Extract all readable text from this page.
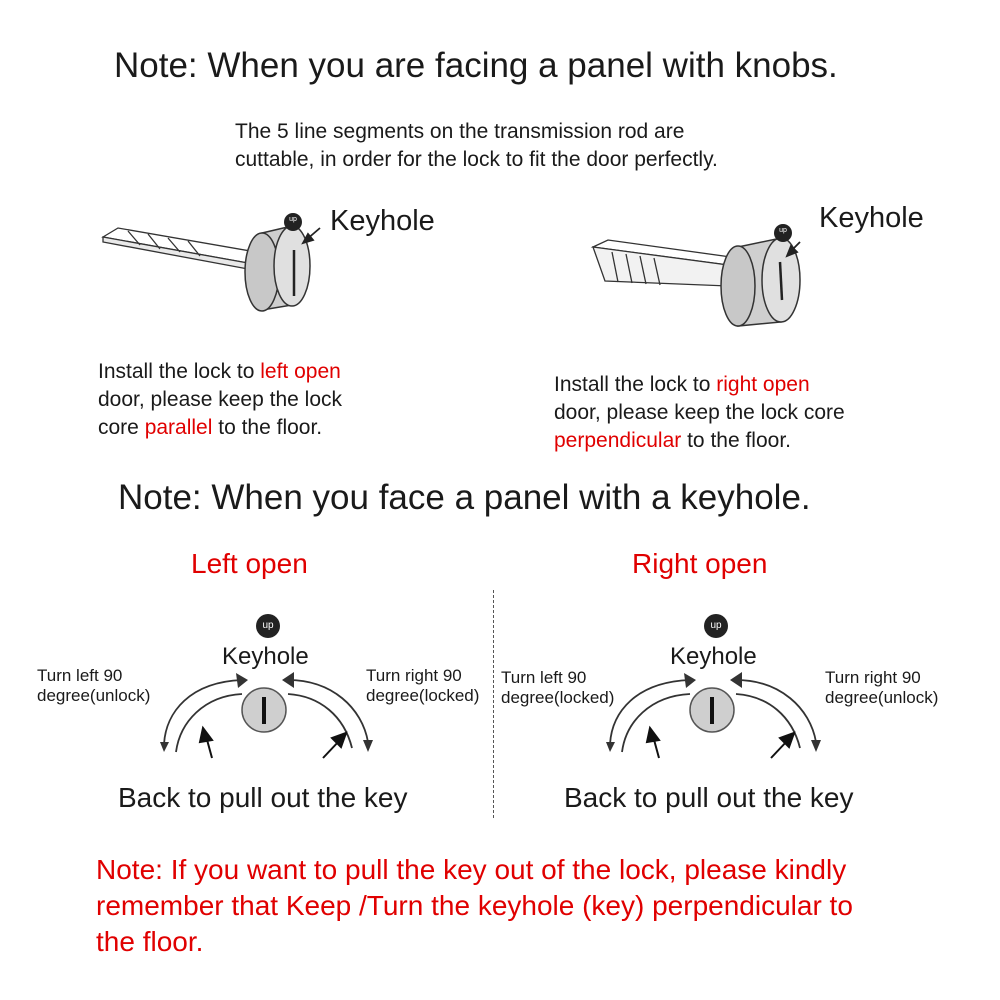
Note: When you are facing a panel with knobs.
The 5 line segments on the transmission rod are
cuttable, in order for the lock to fit the door perfectly.
up Keyhole	up Keyhole
Install the lock to left open
door, please keep the lock
core parallel to the floor.
Install the lock to right open
door, please keep the lock core
perpendicular to the floor.
Note: When you face a panel with a keyhole.
Left open	Right open
up
Keyhole
Turn left 90
degree(unlock)
Turn right 90
degree(locked)
Back to pull out the key
up
Keyhole
Turn left 90
degree(locked)
Turn right 90
degree(unlock)
Back to pull out the key
Note: If you want to pull the key out of the lock, please kindly
remember that Keep /Turn the keyhole (key) perpendicular to
the floor.
